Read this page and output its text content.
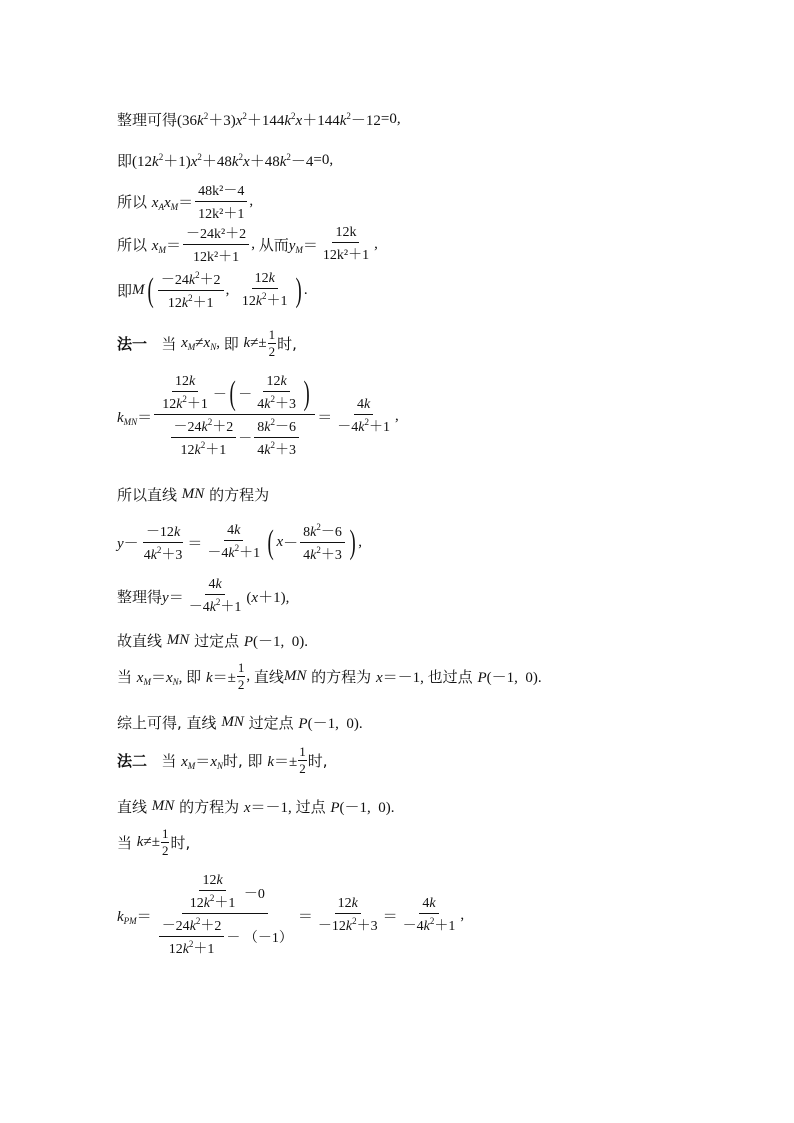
整理可得 $(36k^2+3)x^2+144k^2x+144k^2-12 =0$,
即 $(12k^2+1)x^2+48k^2x+48k^2-4 =0$,
所以
$x_Ax_M= \frac{\text{48k²－4}}{\text{12k²＋1}}$ ,
所以
$x_M= \frac{\text{－24k²＋2}}{\text{12k²＋1}}$ , 从而 $y_M= \frac{12k}{\text{12k²＋1}}$ ,
即 M ( $\frac{-24k^2+2}{12k^2+1}$ , $\frac{12k}{12k^2+1}$ ) .
法一
当
$x_M\ne x_N$, 即
$k\ne\pm \frac{1}{2}$ 时,
$k_{MN}= \frac{\frac{12k}{12k^2+1} - ( - \frac{12k}{4k^2+3} )}{\frac{-24k^2+2}{12k^2+1} - \frac{8k^2-6}{4k^2+3}} = \frac{4k}{-4k^2+1}$ ,
所以直线
MN
的方程为
$y- \frac{-12k}{4k^2+3} = \frac{4k}{-4k^2+1}$ ( $x - \frac{8k^2-6}{4k^2+3}$ ) ,
整理得 $y= \frac{4k}{-4k^2+1} (x+1)$,
故直线
MN
过定点
P(－1,  0).
当
$x_M=x_N$, 即
$k=\pm \frac{1}{2}$ , 直线 MN
的方程为
x＝－1, 也过点
P(－1,  0).
综上可得, 直线
MN
过定点
P(－1,  0).
法二
当
$x_M=x_N$ 时, 即
$k=\pm \frac{1}{2}$ 时,
直线
MN
的方程为
x＝－1, 过点
P(－1,  0).
当
$k\ne\pm \frac{1}{2}$ 时,
$k_{PM}= \frac{\frac{12k}{12k^2+1} -0}{\frac{-24k^2+2}{12k^2+1} - (-1)} = \frac{12k}{-12k^2+3} = \frac{4k}{-4k^2+1}$ ,
